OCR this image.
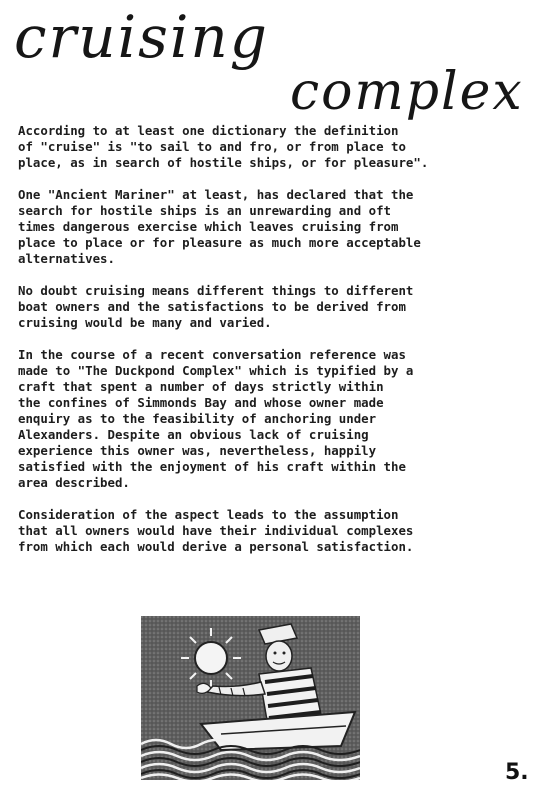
cruising
complex

According to at least one dictionary the definition
of "cruise" is "to sail to and fro, or from place to
place, as in search of hostile ships, or for pleasure".

One "Ancient Mariner" at least, has declared that the
search for hostile ships is an unrewarding and oft
times dangerous exercise which leaves cruising from
place to place or for pleasure as much more acceptable
alternatives.

No doubt cruising means different things to different
boat owners and the satisfactions to be derived from
cruising would be many and varied.

In the course of a recent conversation reference was
made to "The Duckpond Complex" which is typified by a
craft that spent a number of days strictly within
the confines of Simmonds Bay and whose owner made
enquiry as to the feasibility of anchoring under
Alexanders. Despite an obvious lack of cruising
experience this owner was, nevertheless, happily
satisfied with the enjoyment of his craft within the
area described.

Consideration of the aspect leads to the assumption
that all owners would have their individual complexes
from which each would derive a personal satisfaction.

5.
